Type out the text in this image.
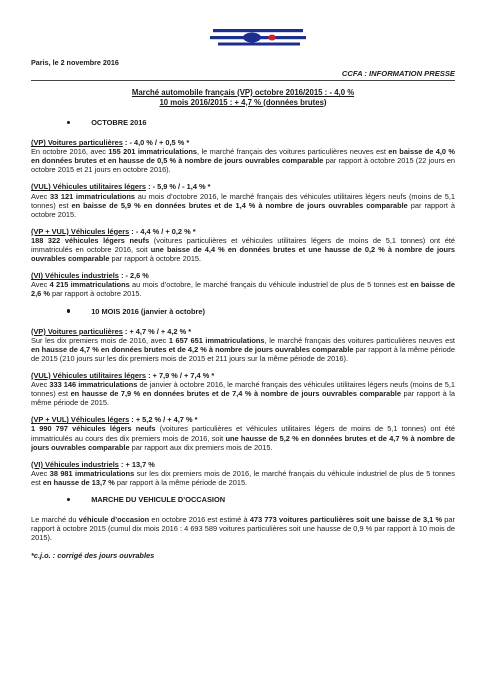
Paris, le 2 novembre 2016
CCFA : INFORMATION PRESSE
Marché automobile français (VP) octobre 2016/2015 : - 4,0 %
10 mois 2016/2015 : + 4,7 % (données brutes)
OCTOBRE 2016
(VP) Voitures particulières : - 4,0 % / + 0,5 % *
En octobre 2016, avec 155 201 immatriculations, le marché français des voitures particulières neuves est en baisse de 4,0 % en données brutes et en hausse de 0,5 % à nombre de jours ouvrables comparable par rapport à octobre 2015 (22 jours en octobre 2015 et 21 jours en octobre 2016).
(VUL) Véhicules utilitaires légers : - 5,9 % / - 1,4 % *
Avec 33 121 immatriculations au mois d’octobre 2016, le marché français des véhicules utilitaires légers neufs (moins de 5,1 tonnes) est en baisse de 5,9 % en données brutes et de 1,4 % à nombre de jours ouvrables comparable par rapport à octobre 2015.
(VP + VUL) Véhicules légers : - 4,4 % / + 0,2 % *
188 322 véhicules légers neufs (voitures particulières et véhicules utilitaires légers de moins de 5,1 tonnes) ont été immatriculés en octobre 2016, soit une baisse de 4,4 % en données brutes et une hausse de 0,2 % à nombre de jours ouvrables comparable par rapport à octobre 2015.
(VI) Véhicules industriels : - 2,6 %
Avec 4 215 immatriculations au mois d’octobre, le marché français du véhicule industriel de plus de 5 tonnes est en baisse de 2,6 % par rapport à octobre 2015.
10 MOIS 2016 (janvier à octobre)
(VP) Voitures particulières : + 4,7 % / + 4,2 % *
Sur les dix premiers mois de 2016, avec 1 657 651 immatriculations, le marché français des voitures particulières neuves est en hausse de 4,7 % en données brutes et de 4,2 % à nombre de jours ouvrables comparable par rapport à la même période de 2015 (210 jours sur les dix premiers mois de 2015 et 211 jours sur la même période de 2016).
(VUL) Véhicules utilitaires légers : + 7,9 % / + 7,4 % *
Avec 333 146 immatriculations de janvier à octobre 2016, le marché français des véhicules utilitaires légers neufs (moins de 5,1 tonnes) est en hausse de 7,9 % en données brutes et de 7,4 % à nombre de jours ouvrables comparable par rapport à la même période de 2015.
(VP + VUL) Véhicules légers : + 5,2 % / + 4,7 % *
1 990 797 véhicules légers neufs (voitures particulières et véhicules utilitaires légers de moins de 5,1 tonnes) ont été immatriculés au cours des dix premiers mois de 2016, soit une hausse de 5,2 % en données brutes et de 4,7 % à nombre de jours ouvrables comparable par rapport aux dix premiers mois de 2015.
(VI) Véhicules industriels : + 13,7 %
Avec 38 981 immatriculations sur les dix premiers mois de 2016, le marché français du véhicule industriel de plus de 5 tonnes est en hausse de 13,7 % par rapport à la même période de 2015.
MARCHE DU VEHICULE D’OCCASION
Le marché du véhicule d’occasion en octobre 2016 est estimé à 473 773 voitures particulières soit une baisse de 3,1 % par rapport à octobre 2015 (cumul dix mois 2016 : 4 693 589 voitures particulières soit une hausse de 0,9 % par rapport à 10 mois de 2015).
*c.j.o. : corrigé des jours ouvrables
